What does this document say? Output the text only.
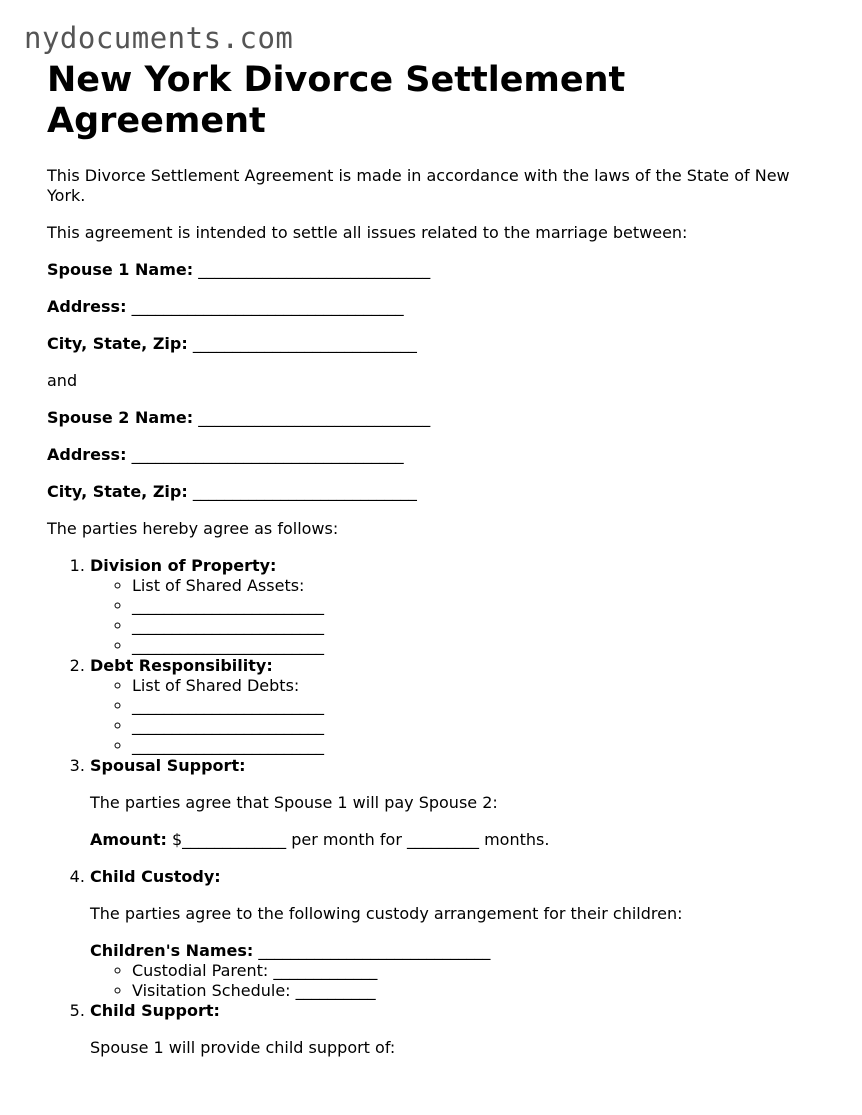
nydocuments.com
New York Divorce Settlement Agreement

This Divorce Settlement Agreement is made in accordance with the laws of the State of New York.

This agreement is intended to settle all issues related to the marriage between:

Spouse 1 Name: _____________________________

Address: __________________________________

City, State, Zip: ____________________________

and

Spouse 2 Name: _____________________________

Address: __________________________________

City, State, Zip: ____________________________

The parties hereby agree as follows:

1. Division of Property:
◦ List of Shared Assets:
◦ ________________________
◦ ________________________
◦ ________________________
2. Debt Responsibility:
◦ List of Shared Debts:
◦ ________________________
◦ ________________________
◦ ________________________
3. Spousal Support:

The parties agree that Spouse 1 will pay Spouse 2:

Amount: $_____________ per month for _________ months.

4. Child Custody:

The parties agree to the following custody arrangement for their children:

Children's Names: _____________________________

◦ Custodial Parent: _____________
◦ Visitation Schedule: __________
5. Child Support:

Spouse 1 will provide child support of:
